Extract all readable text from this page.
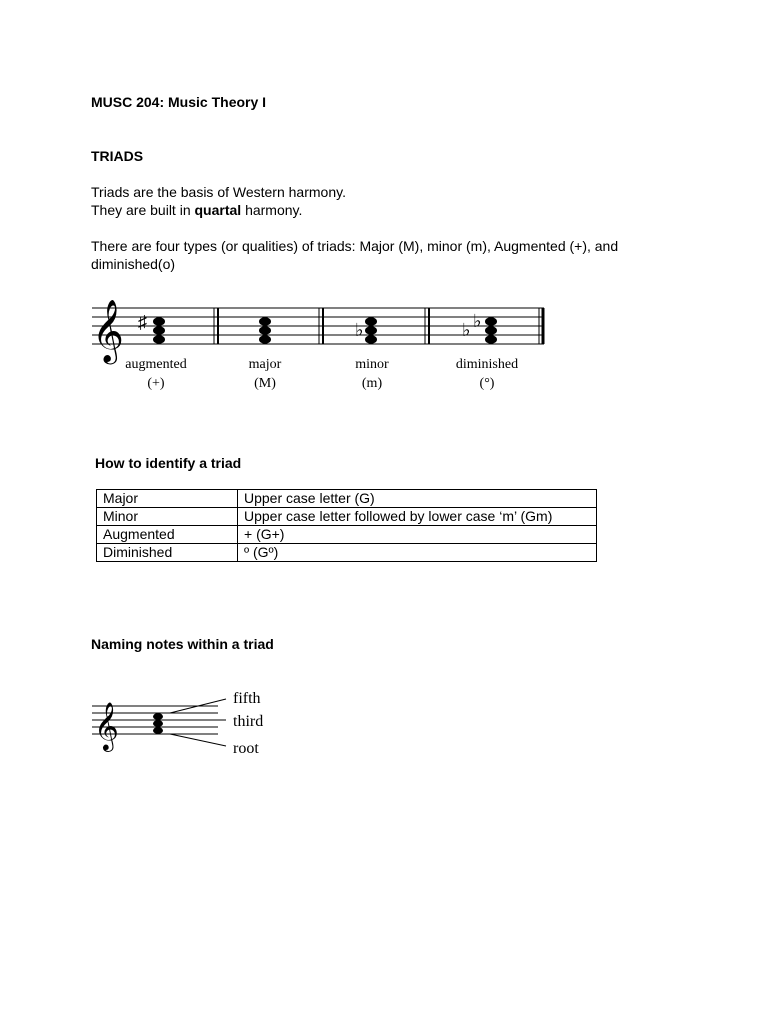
MUSC 204: Music Theory I
TRIADS
Triads are the basis of Western harmony.
They are built in quartal harmony.
There are four types (or qualities) of triads: Major (M), minor (m), Augmented (+), and diminished(o)
𝄞 ♯	♭	♭ ♭
augmented
(+)
major
(M)
minor
(m)
diminished
(°)
How to identify a triad
Major	Upper case letter (G)
Minor	Upper case letter followed by lower case ‘m’ (Gm)
Augmented	+ (G+)
Diminished	º (Gº)
Naming notes within a triad
𝄞
fifth
third
root
